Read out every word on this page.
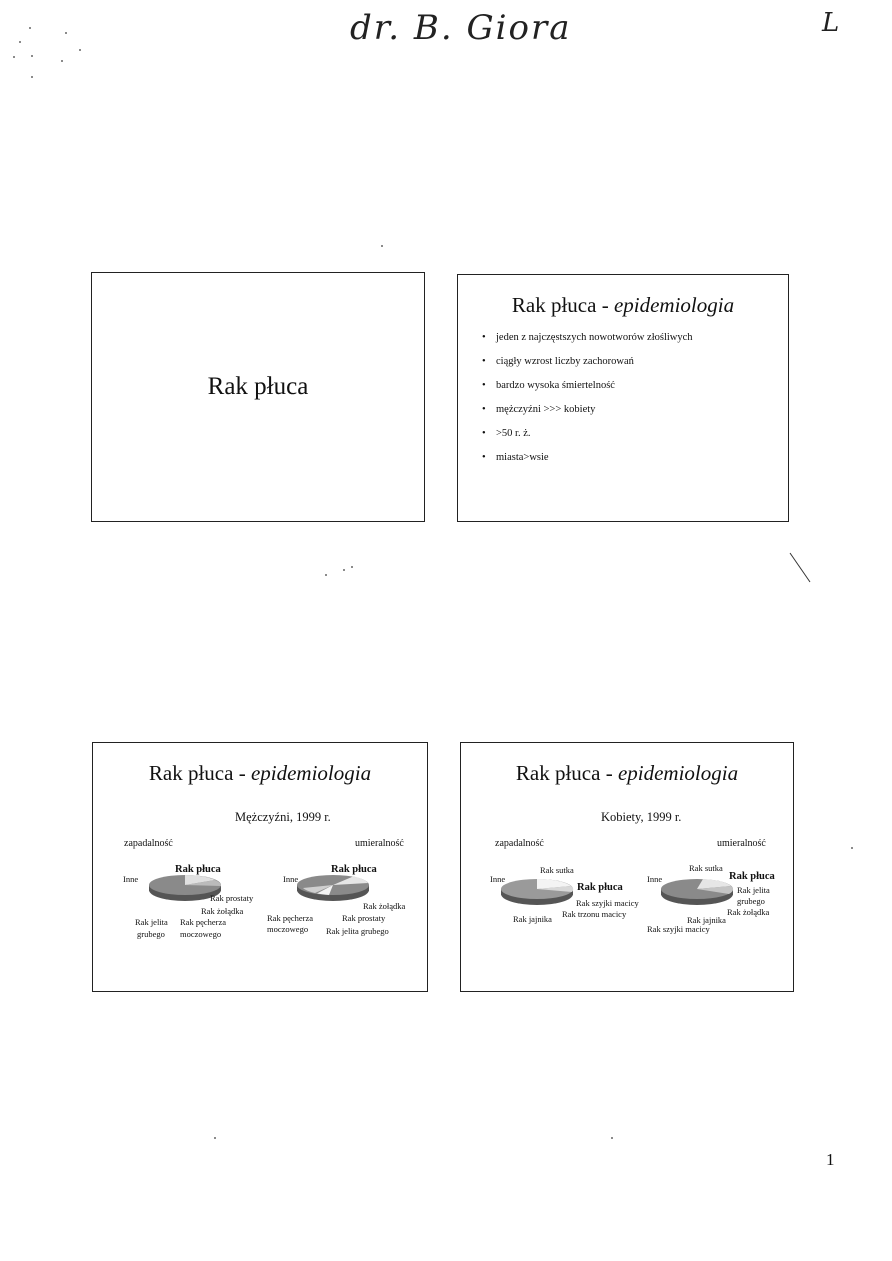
dr. B. Giora	L
Rak płuca
Rak płuca - epidemiologia
• jeden z najczęstszych nowotworów złośliwych
• ciągły wzrost liczby zachorowań
• bardzo wysoka śmiertelność
• mężczyźni >>> kobiety
• >50 r. ż.
• miasta>wsie
Rak płuca - epidemiologia
Mężczyźni, 1999 r.
zapadalność	umieralność
Inne
Rak płuca
Rak prostaty
Rak żołądka
Rak jelita
grubego
Rak pęcherza
moczowego
Inne
Rak płuca
Rak żołądka
Rak pęcherza
moczowego
Rak prostaty
Rak jelita grubego
Rak płuca - epidemiologia
Kobiety, 1999 r.
zapadalność	umieralność
Rak sutka
Inne
Rak płuca
Rak szyjki macicy
Rak trzonu macicy
Rak jajnika
Rak sutka
Inne	Rak płuca
Rak jelita
grubego
Rak żołądka
Rak jajnika
Rak szyjki macicy
1
